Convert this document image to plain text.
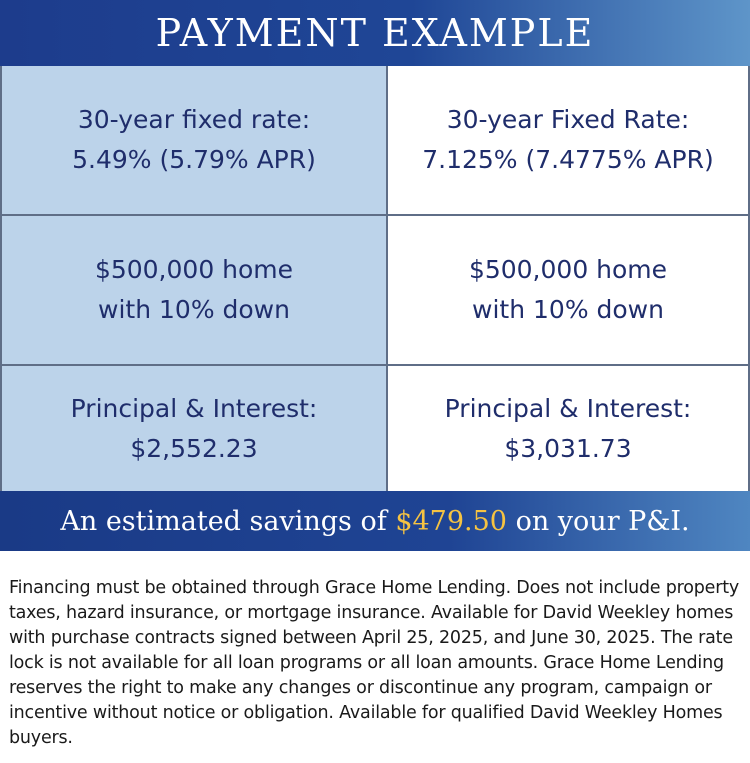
PAYMENT EXAMPLE
30-year fixed rate:
5.49% (5.79% APR)
30-year Fixed Rate:
7.125% (7.4775% APR)
$500,000 home
with 10% down
$500,000 home
with 10% down
Principal & Interest:
$2,552.23
Principal & Interest:
$3,031.73
An estimated savings of $479.50 on your P&I.
Financing must be obtained through Grace Home Lending. Does not include property taxes, hazard insurance, or mortgage insurance. Available for David Weekley homes with purchase contracts signed between April 25, 2025, and June 30, 2025. The rate lock is not available for all loan programs or all loan amounts. Grace Home Lending reserves the right to make any changes or discontinue any program, campaign or incentive without notice or obligation. Available for qualified David Weekley Homes buyers.
